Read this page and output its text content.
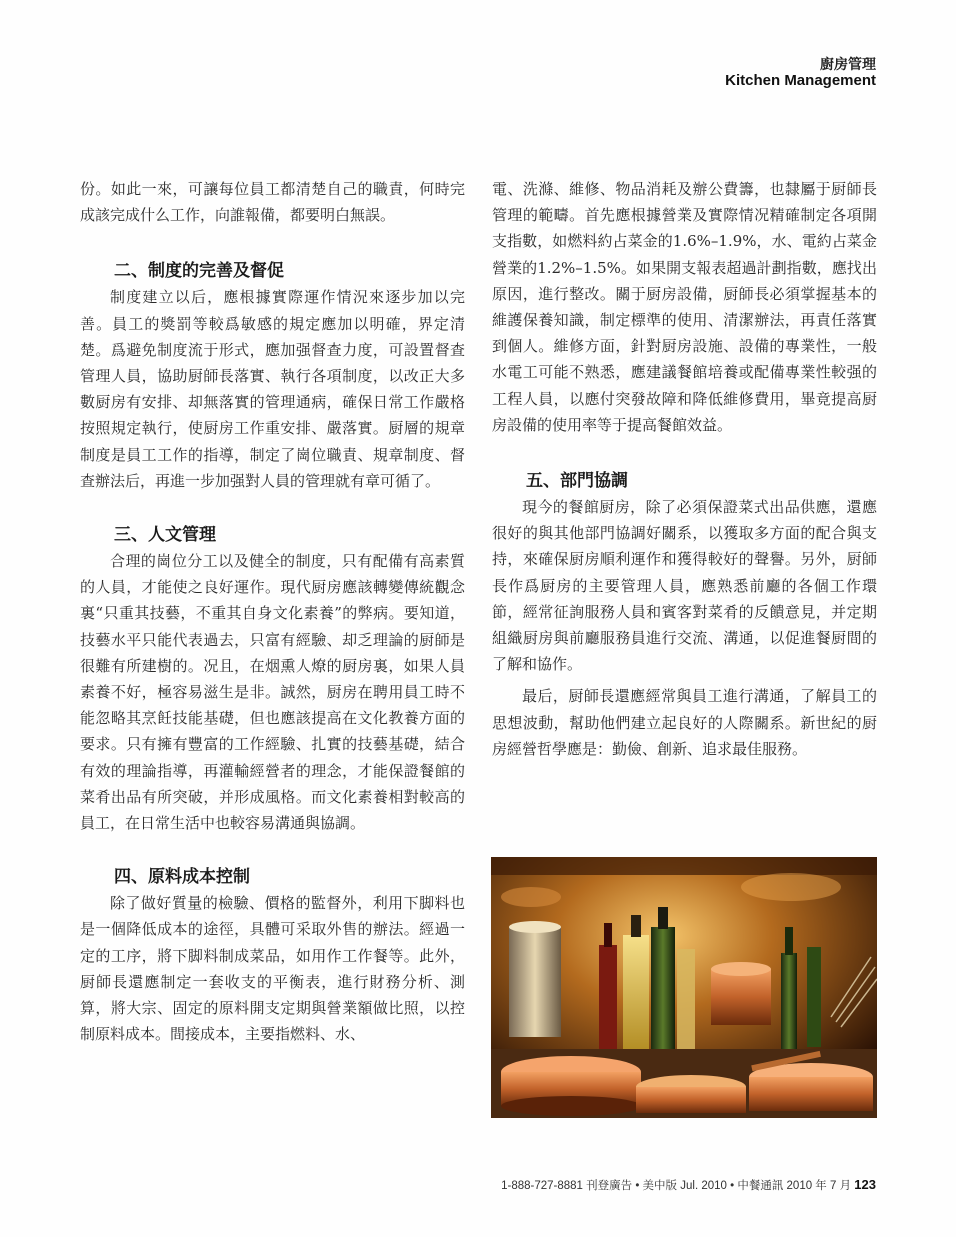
廚房管理
Kitchen Management

份。如此一來，可讓每位員工都清楚自己的職責，何時完成該完成什么工作，向誰報備，都要明白無誤。

二、制度的完善及督促

制度建立以后，應根據實際運作情況來逐步加以完善。員工的獎罰等較爲敏感的規定應加以明確，界定清楚。爲避免制度流于形式，應加强督查力度，可設置督查管理人員，協助厨師長落實、執行各項制度，以改正大多數厨房有安排、却無落實的管理通病，確保日常工作嚴格按照規定執行，使厨房工作重安排、嚴落實。厨層的規章制度是員工工作的指導，制定了崗位職責、規章制度、督查辦法后，再進一步加强對人員的管理就有章可循了。

三、人文管理

合理的崗位分工以及健全的制度，只有配備有高素質的人員，才能使之良好運作。現代厨房應該轉變傳統觀念裏“只重其技藝，不重其自身文化素養”的弊病。要知道，技藝水平只能代表過去，只富有經驗、却乏理論的厨師是很難有所建樹的。况且，在烟熏人燎的厨房裏，如果人員素養不好，極容易滋生是非。誠然，厨房在聘用員工時不能忽略其烹飪技能基礎，但也應該提高在文化教養方面的要求。只有擁有豐富的工作經驗、扎實的技藝基礎，結合有效的理論指導，再灌輸經營者的理念，才能保證餐館的菜肴出品有所突破，并形成風格。而文化素養相對較高的員工，在日常生活中也較容易溝通與協調。

四、原料成本控制

除了做好質量的檢驗、價格的監督外，利用下脚料也是一個降低成本的途徑，具體可采取外售的辦法。經過一定的工序，將下脚料制成菜品，如用作工作餐等。此外，厨師長還應制定一套收支的平衡表，進行財務分析、測算，將大宗、固定的原料開支定期與營業額做比照，以控制原料成本。間接成本，主要指燃料、水、

電、洗滌、維修、物品消耗及辦公費籌，也隸屬于厨師長管理的範疇。首先應根據營業及實際情况精確制定各項開支指數，如燃料約占菜金的1.6%–1.9%，水、電約占菜金營業的1.2%–1.5%。如果開支報表超過計劃指數，應找出原因，進行整改。關于厨房設備，厨師長必須掌握基本的維護保養知識，制定標準的使用、清潔辦法，再責任落實到個人。維修方面，針對厨房設施、設備的專業性，一般水電工可能不熟悉，應建議餐館培養或配備專業性較强的工程人員，以應付突發故障和降低維修費用，畢竟提高厨房設備的使用率等于提高餐館效益。

五、部門協調

現今的餐館厨房，除了必須保證菜式出品供應，還應很好的與其他部門協調好關系，以獲取多方面的配合與支持，來確保厨房順利運作和獲得較好的聲譽。另外，厨師長作爲厨房的主要管理人員，應熟悉前廳的各個工作環節，經常征詢服務人員和賓客對菜肴的反饋意見，并定期組織厨房與前廳服務員進行交流、溝通，以促進餐厨間的了解和協作。

最后，厨師長還應經常與員工進行溝通，了解員工的思想波動，幫助他們建立起良好的人際關系。新世紀的厨房經營哲學應是：勤儉、創新、追求最佳服務。

1-888-727-8881 刊登廣告 • 美中版 Jul. 2010 • 中餐通訊 2010 年 7 月 123
